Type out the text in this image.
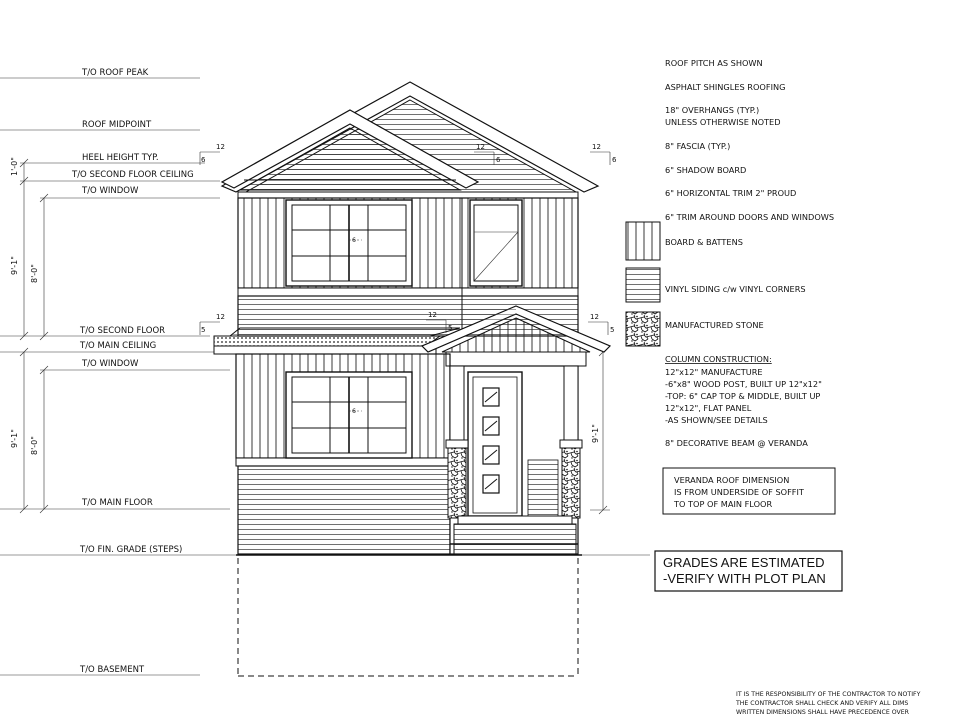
T/O ROOF PEAK
ROOF MIDPOINT
HEEL HEIGHT TYP.
T/O SECOND FLOOR CEILING
T/O WINDOW
T/O SECOND FLOOR
T/O MAIN CEILING
T/O WINDOW
T/O MAIN FLOOR
T/O FIN. GRADE (STEPS)
T/O BASEMENT
1'-0"
9'-1" 8'-0"
9'-1" 8'-0"
9'-1"
6
6
12
6
12
6
12
6
12
5
12
5
12
5
ROOF PITCH AS SHOWN
ASPHALT SHINGLES ROOFING
18" OVERHANGS (TYP.)
UNLESS OTHERWISE NOTED
8" FASCIA (TYP.)
6" SHADOW BOARD
6" HORIZONTAL TRIM 2" PROUD
6" TRIM AROUND DOORS AND WINDOWS
BOARD & BATTENS
VINYL SIDING c/w VINYL CORNERS
MANUFACTURED STONE
COLUMN CONSTRUCTION:
12"x12" MANUFACTURE
-6"x8" WOOD POST, BUILT UP 12"x12"
-TOP: 6" CAP TOP & MIDDLE, BUILT UP
12"x12", FLAT PANEL
-AS SHOWN/SEE DETAILS
8" DECORATIVE BEAM @ VERANDA
VERANDA ROOF DIMENSION
IS FROM UNDERSIDE OF SOFFIT
TO TOP OF MAIN FLOOR
GRADES ARE ESTIMATED
-VERIFY WITH PLOT PLAN
IT IS THE RESPONSIBILITY OF THE CONTRACTOR TO NOTIFY
THE CONTRACTOR SHALL CHECK AND VERIFY ALL DIMS
WRITTEN DIMENSIONS SHALL HAVE PRECEDENCE OVER
